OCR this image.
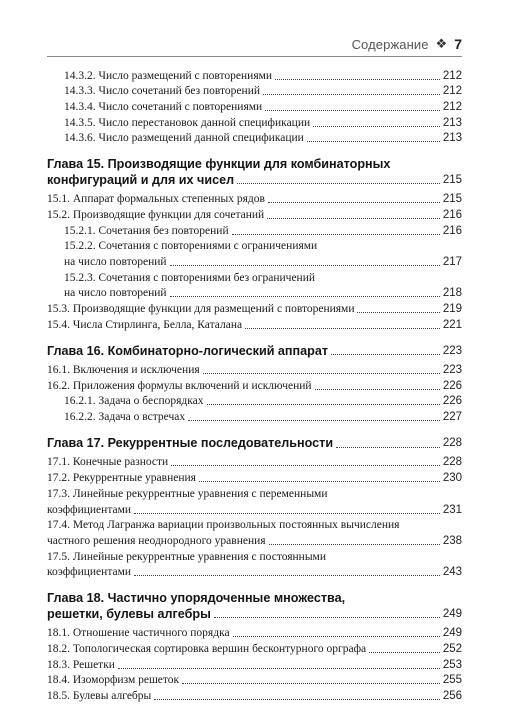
Содержание ❖ 7
14.3.2. Число размещений с повторениями	212
14.3.3. Число сочетаний без повторений	212
14.3.4. Число сочетаний с повторениями	212
14.3.5. Число перестановок данной спецификации	213
14.3.6. Число размещений данной спецификации	213
Глава 15. Производящие функции для комбинаторных
конфигураций и для их чисел	215
15.1. Аппарат формальных степенных рядов	215
15.2. Производящие функции для сочетаний	216
15.2.1. Сочетания без повторений	216
15.2.2. Сочетания с повторениями с ограничениями
на число повторений	217
15.2.3. Сочетания с повторениями без ограничений
на число повторений	218
15.3. Производящие функции для размещений с повторениями	219
15.4. Числа Стирлинга, Белла, Каталана	221
Глава 16. Комбинаторно-логический аппарат	223
16.1. Включения и исключения	223
16.2. Приложения формулы включений и исключений	226
16.2.1. Задача о беспорядках	226
16.2.2. Задача о встречах	227
Глава 17. Рекуррентные последовательности	228
17.1. Конечные разности	228
17.2. Рекуррентные уравнения	230
17.3. Линейные рекуррентные уравнения с переменными
коэффициентами	231
17.4. Метод Лагранжа вариации произвольных постоянных вычисления
частного решения неоднородного уравнения	238
17.5. Линейные рекуррентные уравнения с постоянными
коэффициентами	243
Глава 18. Частично упорядоченные множества,
решетки, булевы алгебры	249
18.1. Отношение частичного порядка	249
18.2. Топологическая сортировка вершин бесконтурного орграфа	252
18.3. Решетки	253
18.4. Изоморфизм решеток	255
18.5. Булевы алгебры	256
